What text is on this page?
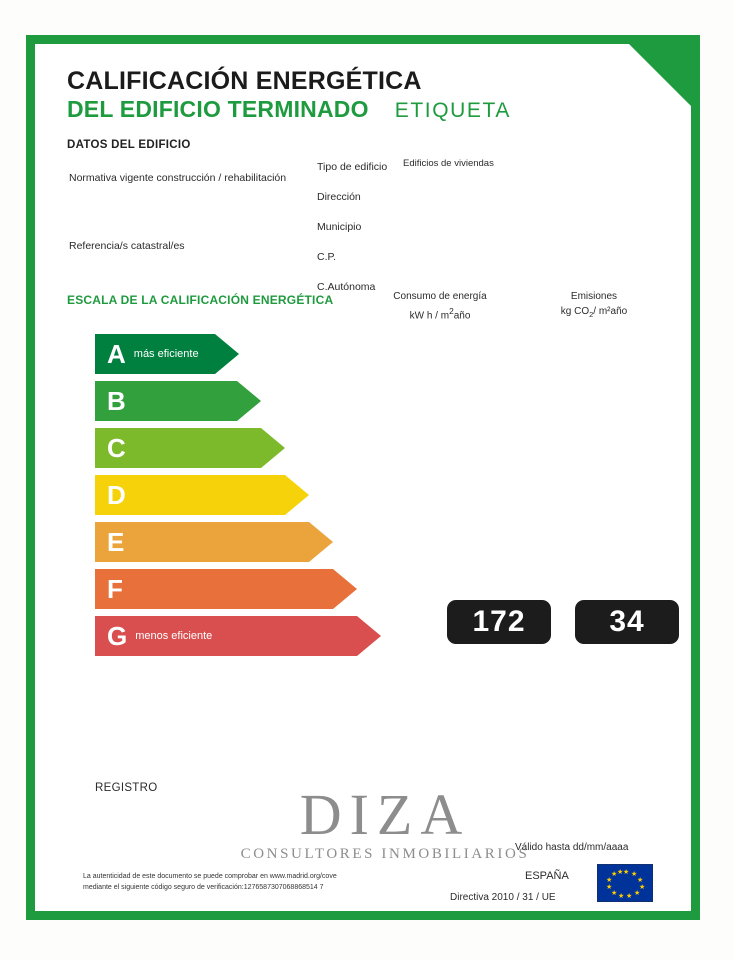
CALIFICACIÓN ENERGÉTICA
DEL EDIFICIO TERMINADO ETIQUETA
DATOS DEL EDIFICIO
Normativa vigente construcción / rehabilitación
Referencia/s catastral/es
Tipo de edificio Edificios de viviendas
Dirección
Municipio
C.P.
C.Autónoma
ESCALA DE LA CALIFICACIÓN ENERGÉTICA	Consumo de energía
kW h / $m^2año$
Emisiones
kg $CO_2/$ m²año
A más eficiente
B
C
D
E
F
G menos eficiente	172	34
REGISTRO	DIZA
CONSULTORES INMOBILIARIOS
Válido hasta dd/mm/aaaa
La autenticidad de este documento se puede comprobar en www.madrid.org/cove
mediante el siguiente código seguro de verificación:1276587307068868514 7
ESPAÑA
Directiva 2010 / 31 / UE
★ ★
★
★
★
★
★
★
★
★
★ ★
